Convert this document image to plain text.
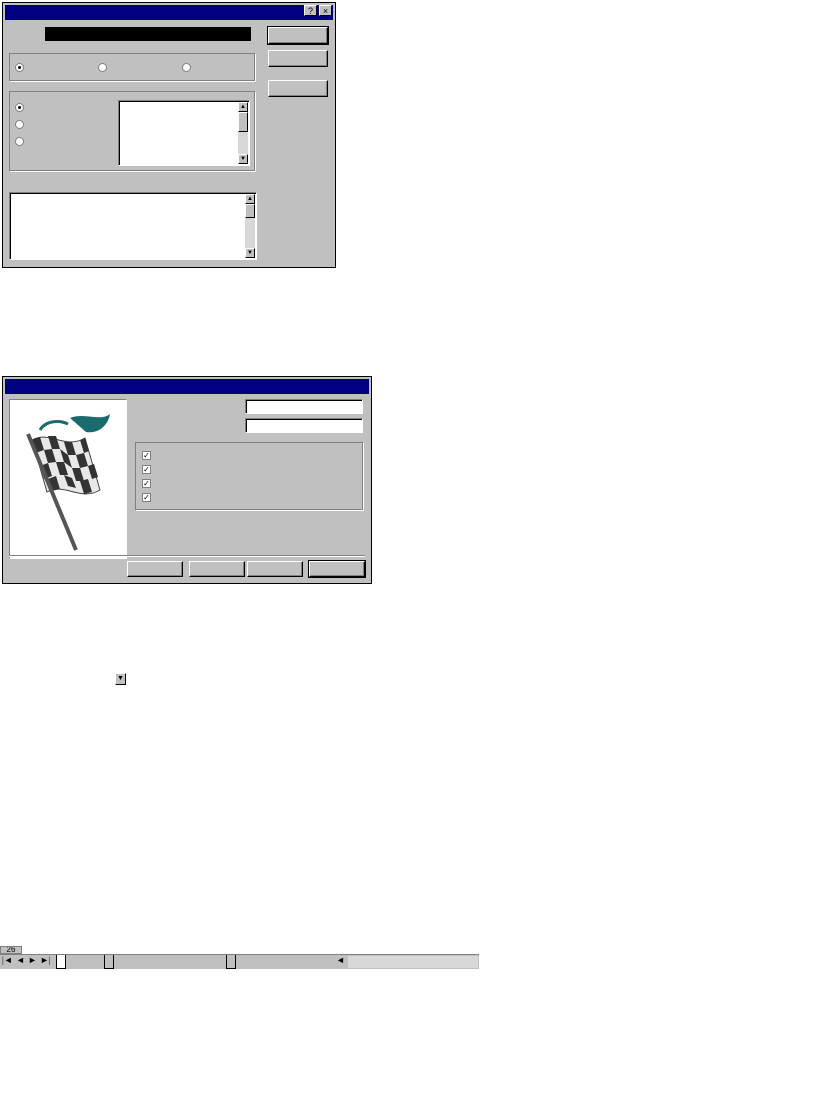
?	×
▲
▼
▲
▼
✓
✓
✓
✓
26
▼
|◄ ◄ ► ►|	◄
